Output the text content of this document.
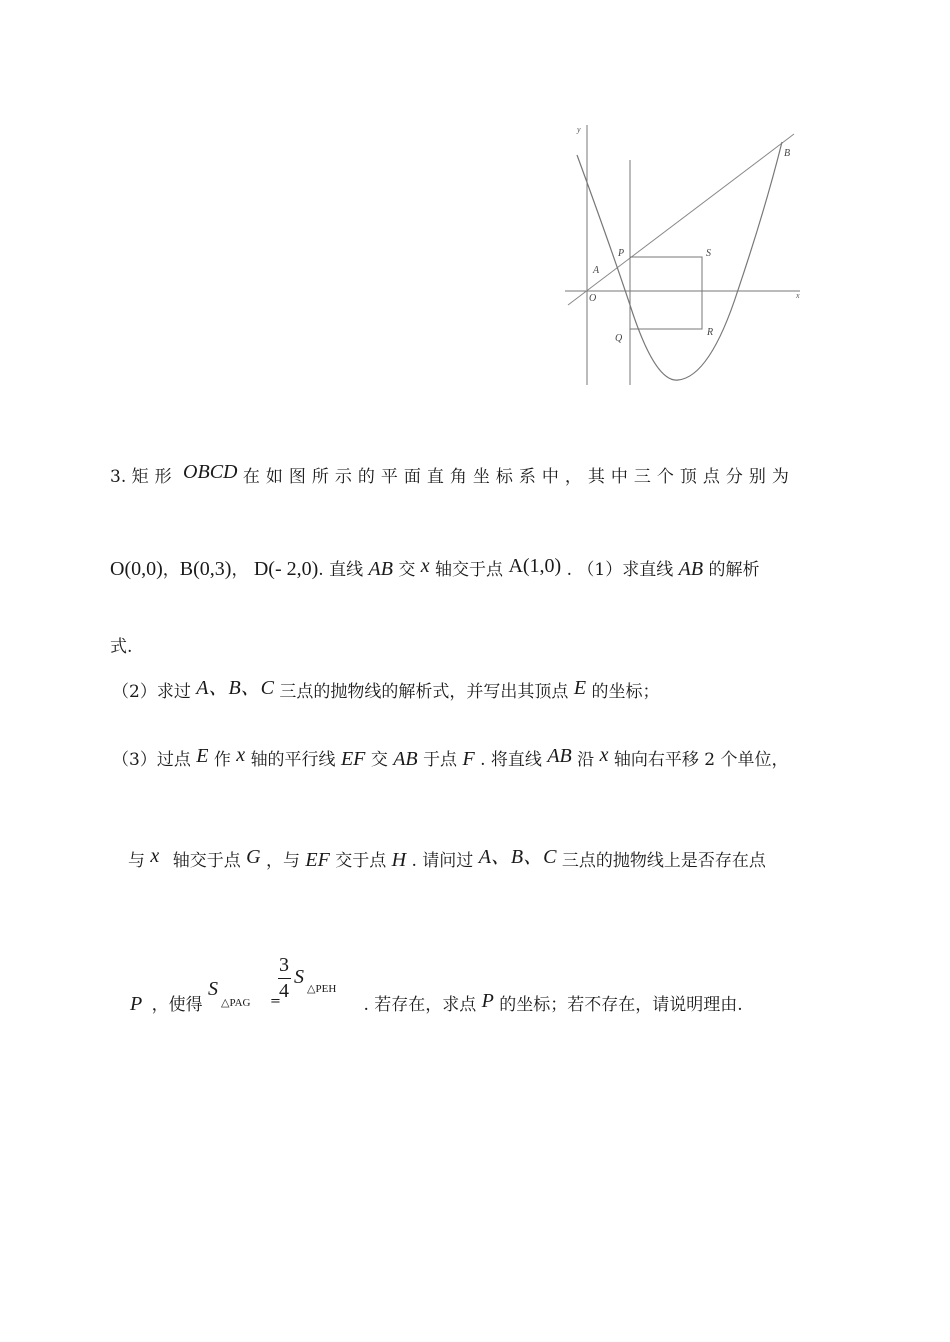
y
x
B
P	S
A
O
Q
R
3. 矩形 OBCD 在如图所示的平面直角坐标系中，其中三个顶点分别为
O(0,0)，B(0,3)， D(- 2,0). 直线 AB 交 x 轴交于点 A(1,0) . （1）求直线 AB 的解析
式.
（2）求过 A、B、C 三点的抛物线的解析式，并写出其顶点 E 的坐标；
（3）过点 E 作 x 轴的平行线 EF 交 AB 于点 F . 将直线 AB 沿 x 轴向右平移 2 个单位，
与 x 轴交于点 G ，与 EF 交于点 H . 请问过 A、B、C 三点的抛物线上是否存在点
P ，使得
S
△PAG =
3
4
S
△PEH
. 若存在，求点 P 的坐标；若不存在，请说明理由.
